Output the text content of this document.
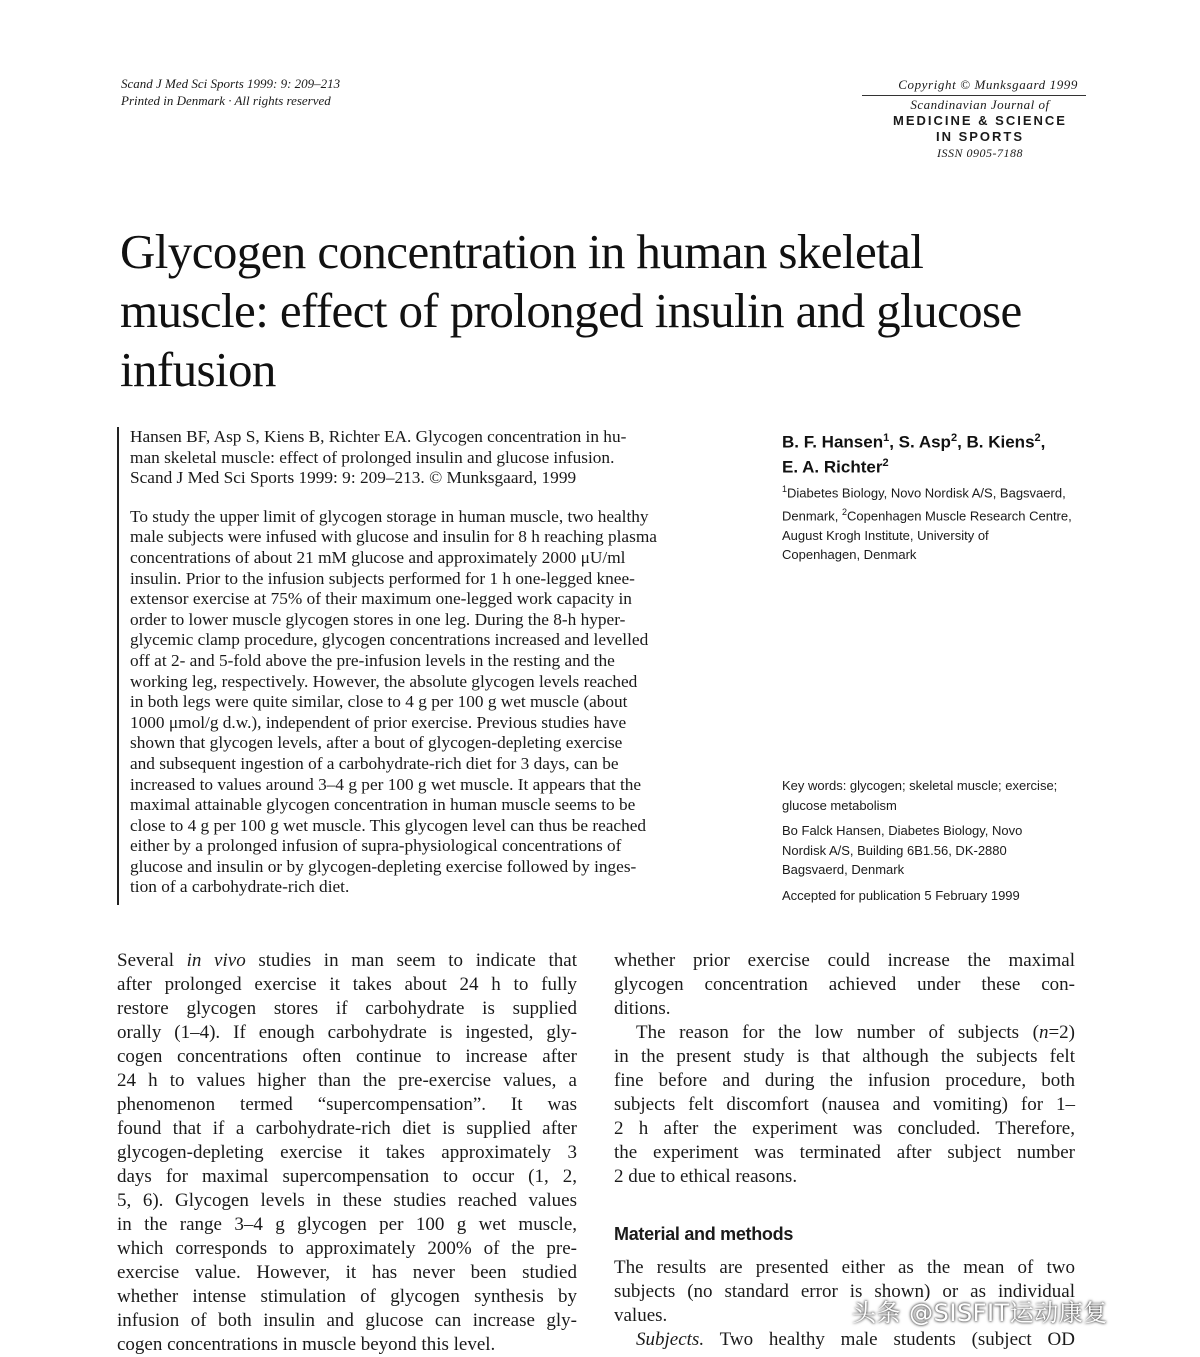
Scand J Med Sci Sports 1999: 9: 209–213
Printed in Denmark · All rights reserved
Copyright © Munksgaard 1999
Scandinavian Journal of
MEDICINE & SCIENCE
IN SPORTS
ISSN 0905-7188
Glycogen concentration in human skeletal
muscle: effect of prolonged insulin and glucose
infusion
Hansen BF, Asp S, Kiens B, Richter EA. Glycogen concentration in hu-
man skeletal muscle: effect of prolonged insulin and glucose infusion.
Scand J Med Sci Sports 1999: 9: 209–213. © Munksgaard, 1999
To study the upper limit of glycogen storage in human muscle, two healthy
male subjects were infused with glucose and insulin for 8 h reaching plasma
concentrations of about 21 mM glucose and approximately 2000 μU/ml
insulin. Prior to the infusion subjects performed for 1 h one-legged knee-
extensor exercise at 75% of their maximum one-legged work capacity in
order to lower muscle glycogen stores in one leg. During the 8-h hyper-
glycemic clamp procedure, glycogen concentrations increased and levelled
off at 2- and 5-fold above the pre-infusion levels in the resting and the
working leg, respectively. However, the absolute glycogen levels reached
in both legs were quite similar, close to 4 g per 100 g wet muscle (about
1000 μmol/g d.w.), independent of prior exercise. Previous studies have
shown that glycogen levels, after a bout of glycogen-depleting exercise
and subsequent ingestion of a carbohydrate-rich diet for 3 days, can be
increased to values around 3–4 g per 100 g wet muscle. It appears that the
maximal attainable glycogen concentration in human muscle seems to be
close to 4 g per 100 g wet muscle. This glycogen level can thus be reached
either by a prolonged infusion of supra-physiological concentrations of
glucose and insulin or by glycogen-depleting exercise followed by inges-
tion of a carbohydrate-rich diet.
B. F. Hansen$^1$, S. Asp$^2$, B. Kiens$^2$,
E. A. Richter$^2$
$^1$Diabetes Biology, Novo Nordisk A/S, Bagsvaerd,
Denmark, $^2$Copenhagen Muscle Research Centre,
August Krogh Institute, University of
Copenhagen, Denmark
Key words: glycogen; skeletal muscle; exercise;
glucose metabolism
Bo Falck Hansen, Diabetes Biology, Novo
Nordisk A/S, Building 6B1.56, DK-2880
Bagsvaerd, Denmark
Accepted for publication 5 February 1999
Several in vivo studies in man seem to indicate that
after prolonged exercise it takes about 24 h to fully
restore glycogen stores if carbohydrate is supplied
orally (1–4). If enough carbohydrate is ingested, gly-
cogen concentrations often continue to increase after
24 h to values higher than the pre-exercise values, a
phenomenon termed “supercompensation”. It was
found that if a carbohydrate-rich diet is supplied after
glycogen-depleting exercise it takes approximately 3
days for maximal supercompensation to occur (1, 2,
5, 6). Glycogen levels in these studies reached values
in the range 3–4 g glycogen per 100 g wet muscle,
which corresponds to approximately 200% of the pre-
exercise value. However, it has never been studied
whether intense stimulation of glycogen synthesis by
infusion of both insulin and glucose can increase gly-
cogen concentrations in muscle beyond this level.
whether prior exercise could increase the maximal
glycogen concentration achieved under these con-
ditions.
The reason for the low number of subjects (n=2)
in the present study is that although the subjects felt
fine before and during the infusion procedure, both
subjects felt discomfort (nausea and vomiting) for 1–
2 h after the experiment was concluded. Therefore,
the experiment was terminated after subject number
2 due to ethical reasons.
Material and methods
The results are presented either as the mean of two
subjects (no standard error is shown) or as individual
values.
Subjects. Two healthy male students (subject OD
头条 @SISFIT运动康复
